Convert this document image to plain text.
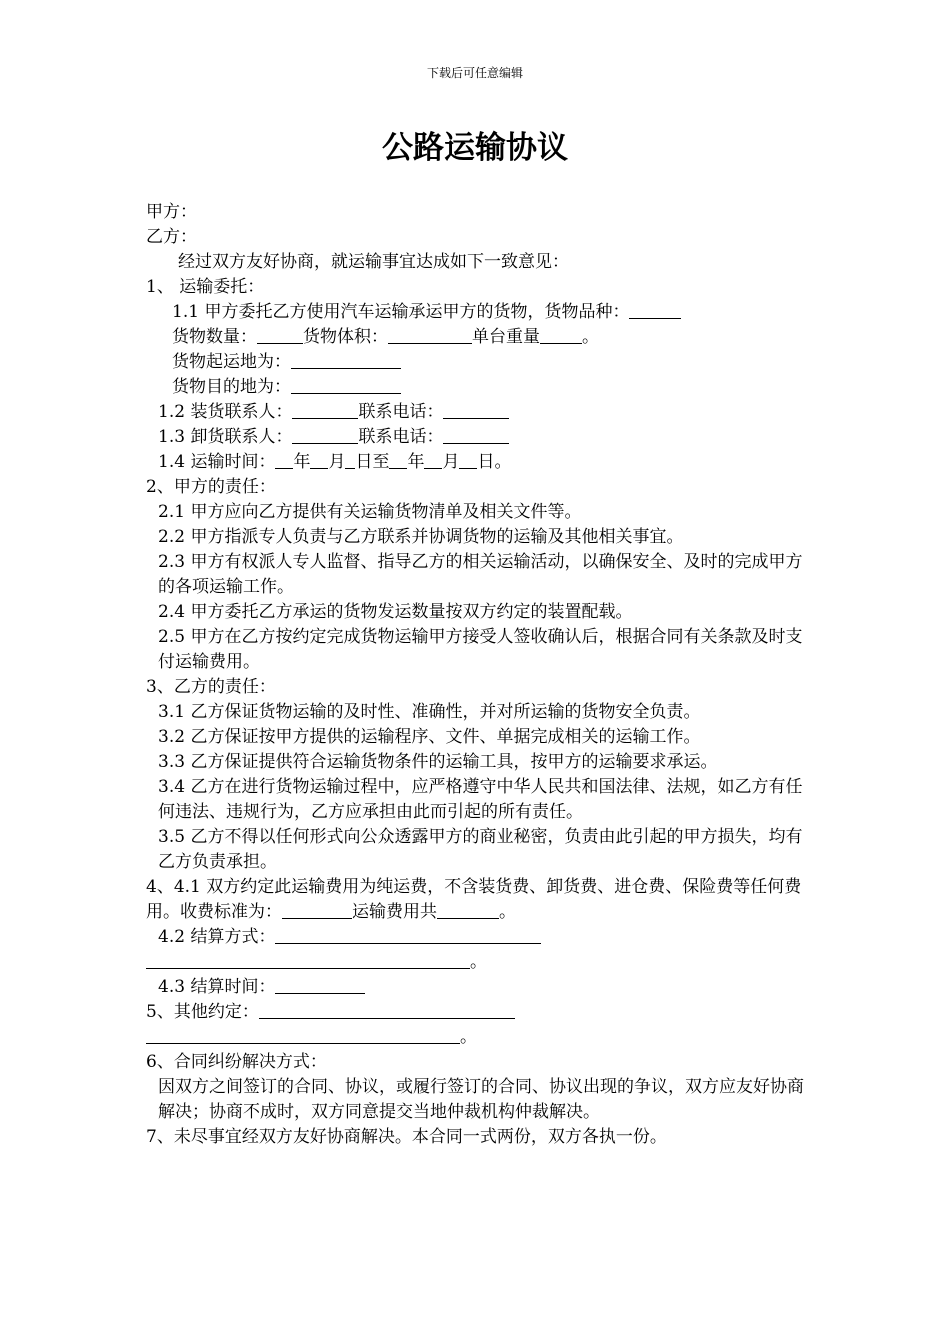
下载后可任意编辑
公路运输协议

甲方：

乙方：

经过双方友好协商，就运输事宜达成如下一致意见：

1、 运输委托：

1.1 甲方委托乙方使用汽车运输承运甲方的货物，货物品种：

货物数量：	货物体积：	单台重量 。

货物起运地为：

货物目的地为：

1.2 装货联系人：	联系电话：

1.3 卸货联系人：	联系电话：

1.4 运输时间： 年 月 日至 年 月 日。

2、甲方的责任：

2.1 甲方应向乙方提供有关运输货物清单及相关文件等。

2.2 甲方指派专人负责与乙方联系并协调货物的运输及其他相关事宜。

2.3 甲方有权派人专人监督、指导乙方的相关运输活动，以确保安全、及时的完成甲方的各项运输工作。

2.4 甲方委托乙方承运的货物发运数量按双方约定的装置配载。

2.5 甲方在乙方按约定完成货物运输甲方接受人签收确认后，根据合同有关条款及时支付运输费用。

3、乙方的责任：

3.1 乙方保证货物运输的及时性、准确性，并对所运输的货物安全负责。

3.2 乙方保证按甲方提供的运输程序、文件、单据完成相关的运输工作。

3.3 乙方保证提供符合运输货物条件的运输工具，按甲方的运输要求承运。

3.4 乙方在进行货物运输过程中，应严格遵守中华人民共和国法律、法规，如乙方有任何违法、违规行为，乙方应承担由此而引起的所有责任。

3.5 乙方不得以任何形式向公众透露甲方的商业秘密，负责由此引起的甲方损失，均有乙方负责承担。

4、4.1 双方约定此运输费用为纯运费，不含装货费、卸货费、进仓费、保险费等任何费用。收费标准为：	运输费用共	。

4.2 结算方式：

。

4.3 结算时间：

5、其他约定：

。

6、合同纠纷解决方式：

因双方之间签订的合同、协议，或履行签订的合同、协议出现的争议，双方应友好协商解决；协商不成时，双方同意提交当地仲裁机构仲裁解决。

7、未尽事宜经双方友好协商解决。本合同一式两份，双方各执一份。
